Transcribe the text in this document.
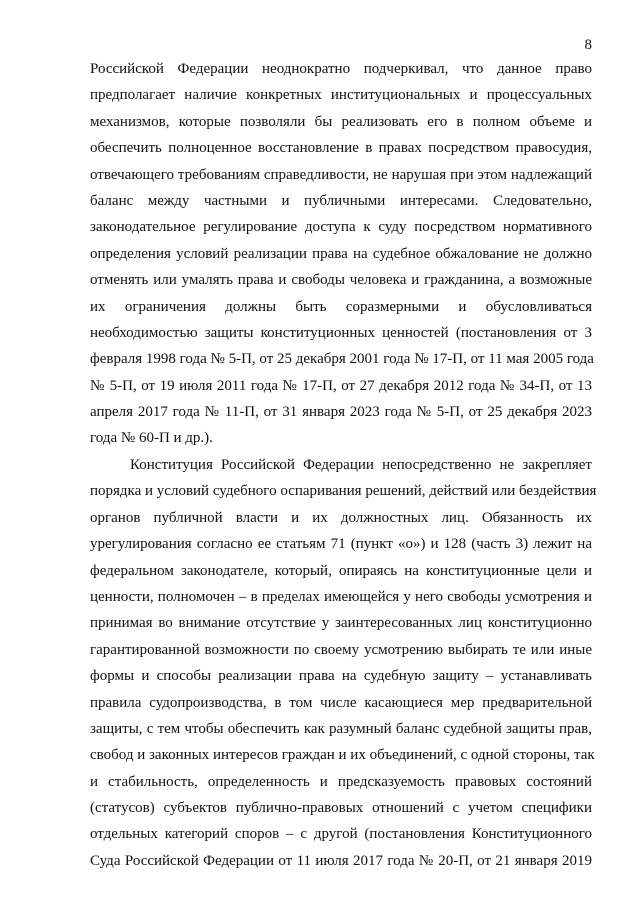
8
Российской Федерации неоднократно подчеркивал, что данное право
предполагает наличие конкретных институциональных и процессуальных
механизмов, которые позволяли бы реализовать его в полном объеме и
обеспечить полноценное восстановление в правах посредством правосудия,
отвечающего требованиям справедливости, не нарушая при этом надлежащий
баланс между частными и публичными интересами. Следовательно,
законодательное регулирование доступа к суду посредством нормативного
определения условий реализации права на судебное обжалование не должно
отменять или умалять права и свободы человека и гражданина, а возможные
их ограничения должны быть соразмерными и обусловливаться
необходимостью защиты конституционных ценностей (постановления от 3
февраля 1998 года № 5-П, от 25 декабря 2001 года № 17-П, от 11 мая 2005 года
№ 5-П, от 19 июля 2011 года № 17-П, от 27 декабря 2012 года № 34-П, от 13
апреля 2017 года № 11-П, от 31 января 2023 года № 5-П, от 25 декабря 2023
года № 60-П и др.).
Конституция Российской Федерации непосредственно не закрепляет
порядка и условий судебного оспаривания решений, действий или бездействия
органов публичной власти и их должностных лиц. Обязанность их
урегулирования согласно ее статьям 71 (пункт «о») и 128 (часть 3) лежит на
федеральном законодателе, который, опираясь на конституционные цели и
ценности, полномочен – в пределах имеющейся у него свободы усмотрения и
принимая во внимание отсутствие у заинтересованных лиц конституционно
гарантированной возможности по своему усмотрению выбирать те или иные
формы и способы реализации права на судебную защиту – устанавливать
правила судопроизводства, в том числе касающиеся мер предварительной
защиты, с тем чтобы обеспечить как разумный баланс судебной защиты прав,
свобод и законных интересов граждан и их объединений, с одной стороны, так
и стабильность, определенность и предсказуемость правовых состояний
(статусов) субъектов публично-правовых отношений с учетом специфики
отдельных категорий споров – с другой (постановления Конституционного
Суда Российской Федерации от 11 июля 2017 года № 20-П, от 21 января 2019
